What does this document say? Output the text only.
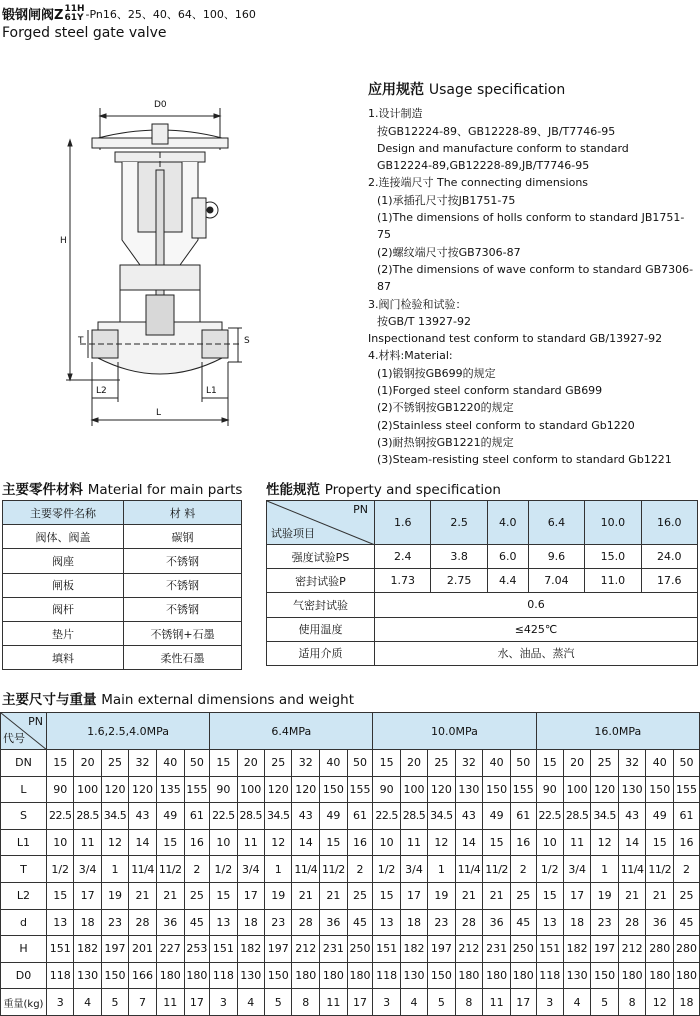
锻钢闸阀Z 11H
61Y -Pn16、25、40、64、100、160
Forged steel gate valve
D0
H
T	S
L2	L1
L
应用规范 Usage specification
1.设计制造
按GB12224-89、GB12228-89、JB/T7746-95
Design and manufacture conform to standard
GB12224-89,GB12228-89,JB/T7746-95
2.连接端尺寸 The connecting dimensions
(1)承插孔尺寸按JB1751-75
(1)The dimensions of holls conform to standard JB1751-75
(2)螺纹端尺寸按GB7306-87
(2)The dimensions of wave conform to standard GB7306-87
3.阀门检验和试验：
按GB/T 13927-92
Inspectionand test conform to standard GB/13927-92
4.材料:Material:
(1)锻钢按GB699的规定
(1)Forged steel conform standard GB699
(2)不锈钢按GB1220的规定
(2)Stainless steel conform to standard Gb1220
(3)耐热钢按GB1221的规定
(3)Steam-resisting steel conform to standard Gb1221
主要零件材料 Material for main parts
主要零件名称	材 料
阀体、阀盖	碳钢
阀座	不锈钢
闸板	不锈钢
阀杆	不锈钢
垫片	不锈钢+石墨
填料	柔性石墨
性能规范 Property and specification
PN
试验项目	1.6	2.5	4.0	6.4	10.0	16.0
强度试验PS	2.4	3.8	6.0	9.6	15.0	24.0
密封试验P	1.73	2.75	4.4	7.04	11.0	17.6
气密封试验	0.6					
使用温度	≤425℃					
适用介质	水、油品、蒸汽					
主要尺寸与重量 Main external dimensions and weight
PN
代号	1.6,2.5,4.0MPa						6.4MPa						10.0MPa						16.0MPa					
DN	15	20	25	32	40	50	15	20	25	32	40	50	15	20	25	32	40	50	15	20	25	32	40	50
L	90	100	120	120	135	155	90	100	120	120	150	155	90	100	120	130	150	155	90	100	120	130	150	155
S	22.5	28.5	34.5	43	49	61	22.5	28.5	34.5	43	49	61	22.5	28.5	34.5	43	49	61	22.5	28.5	34.5	43	49	61
L1	10	11	12	14	15	16	10	11	12	14	15	16	10	11	12	14	15	16	10	11	12	14	15	16
T	1/2	3/4	1	11/4	11/2	2	1/2	3/4	1	11/4	11/2	2	1/2	3/4	1	11/4	11/2	2	1/2	3/4	1	11/4	11/2	2
L2	15	17	19	21	21	25	15	17	19	21	21	25	15	17	19	21	21	25	15	17	19	21	21	25
d	13	18	23	28	36	45	13	18	23	28	36	45	13	18	23	28	36	45	13	18	23	28	36	45
H	151	182	197	201	227	253	151	182	197	212	231	250	151	182	197	212	231	250	151	182	197	212	280	280
D0	118	130	150	166	180	180	118	130	150	180	180	180	118	130	150	180	180	180	118	130	150	180	180	180
重量(kg)	3	4	5	7	11	17	3	4	5	8	11	17	3	4	5	8	11	17	3	4	5	8	12	18
